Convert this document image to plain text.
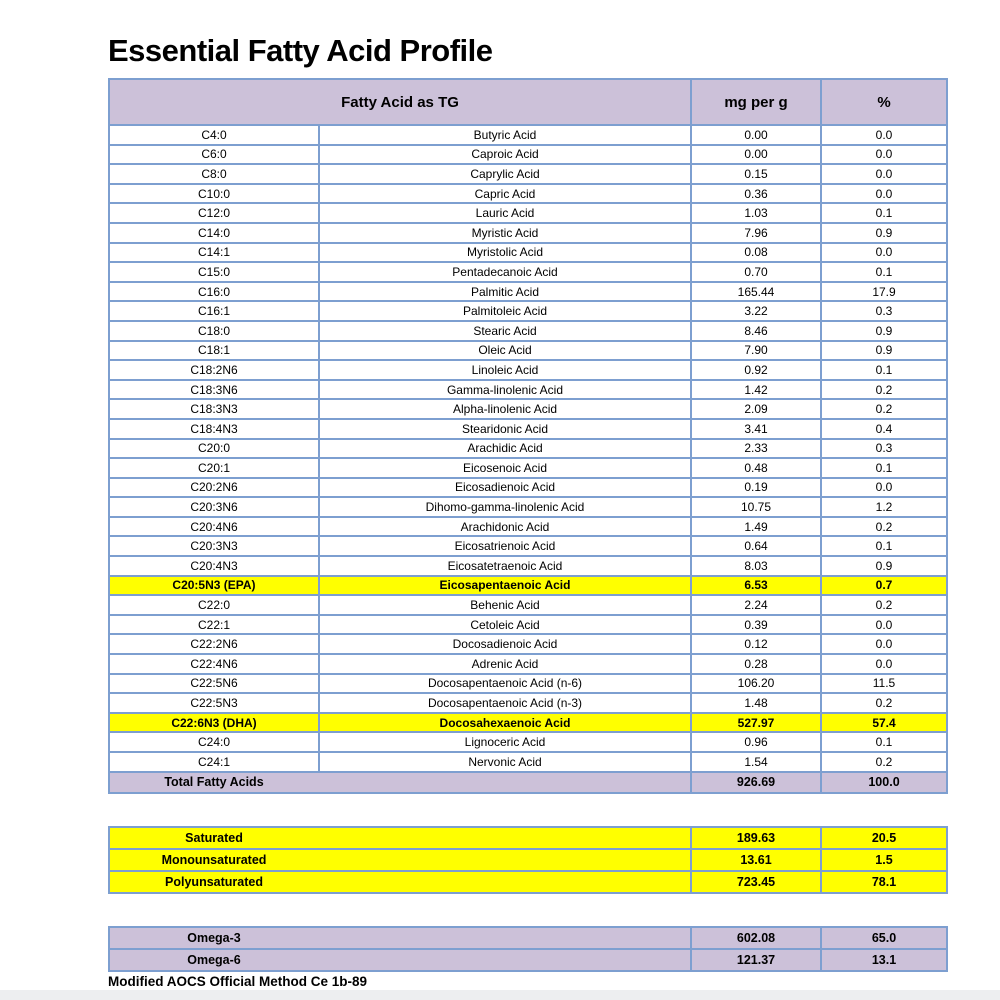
Essential Fatty Acid Profile
Fatty Acid as TG		mg per g	%
C4:0	Butyric Acid	0.00	0.0
C6:0	Caproic Acid	0.00	0.0
C8:0	Caprylic Acid	0.15	0.0
C10:0	Capric Acid	0.36	0.0
C12:0	Lauric Acid	1.03	0.1
C14:0	Myristic Acid	7.96	0.9
C14:1	Myristolic Acid	0.08	0.0
C15:0	Pentadecanoic Acid	0.70	0.1
C16:0	Palmitic Acid	165.44	17.9
C16:1	Palmitoleic Acid	3.22	0.3
C18:0	Stearic Acid	8.46	0.9
C18:1	Oleic Acid	7.90	0.9
C18:2N6	Linoleic Acid	0.92	0.1
C18:3N6	Gamma-linolenic Acid	1.42	0.2
C18:3N3	Alpha-linolenic Acid	2.09	0.2
C18:4N3	Stearidonic Acid	3.41	0.4
C20:0	Arachidic Acid	2.33	0.3
C20:1	Eicosenoic Acid	0.48	0.1
C20:2N6	Eicosadienoic Acid	0.19	0.0
C20:3N6	Dihomo-gamma-linolenic Acid	10.75	1.2
C20:4N6	Arachidonic Acid	1.49	0.2
C20:3N3	Eicosatrienoic Acid	0.64	0.1
C20:4N3	Eicosatetraenoic Acid	8.03	0.9
C20:5N3 (EPA)	Eicosapentaenoic Acid	6.53	0.7
C22:0	Behenic Acid	2.24	0.2
C22:1	Cetoleic Acid	0.39	0.0
C22:2N6	Docosadienoic Acid	0.12	0.0
C22:4N6	Adrenic Acid	0.28	0.0
C22:5N6	Docosapentaenoic Acid (n-6)	106.20	11.5
C22:5N3	Docosapentaenoic Acid (n-3)	1.48	0.2
C22:6N3 (DHA)	Docosahexaenoic Acid	527.97	57.4
C24:0	Lignoceric Acid	0.96	0.1
C24:1	Nervonic Acid	1.54	0.2
Total Fatty Acids		926.69	100.0
Saturated	189.63	20.5
Monounsaturated	13.61	1.5
Polyunsaturated	723.45	78.1
Omega-3	602.08	65.0
Omega-6	121.37	13.1
Modified AOCS Official Method Ce 1b-89
